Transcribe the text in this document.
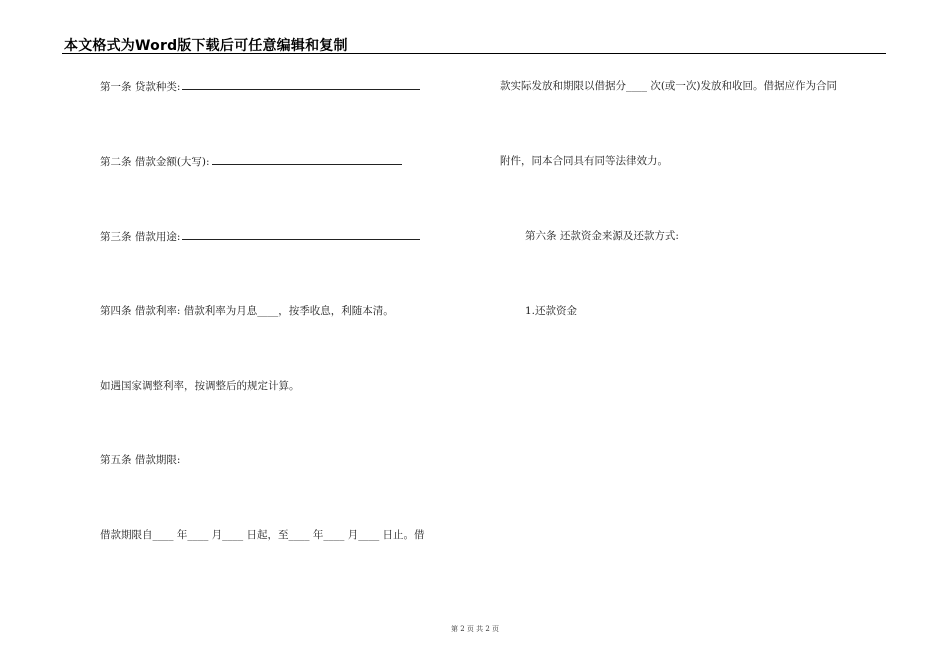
本文格式为Word版下载后可任意编辑和复制
第一条 贷款种类:
第二条 借款金额(大写):
第三条 借款用途:
第四条 借款利率: 借款利率为月息____，按季收息，利随本清。
如遇国家调整利率，按调整后的规定计算。
第五条 借款期限:
借款期限自____ 年____ 月____ 日起，至____ 年____ 月____ 日止。借
款实际发放和期限以借据分____ 次(或一次)发放和收回。借据应作为合同
附件，同本合同具有同等法律效力。
第六条 还款资金来源及还款方式:
1.还款资金
第 2 页 共 2 页
